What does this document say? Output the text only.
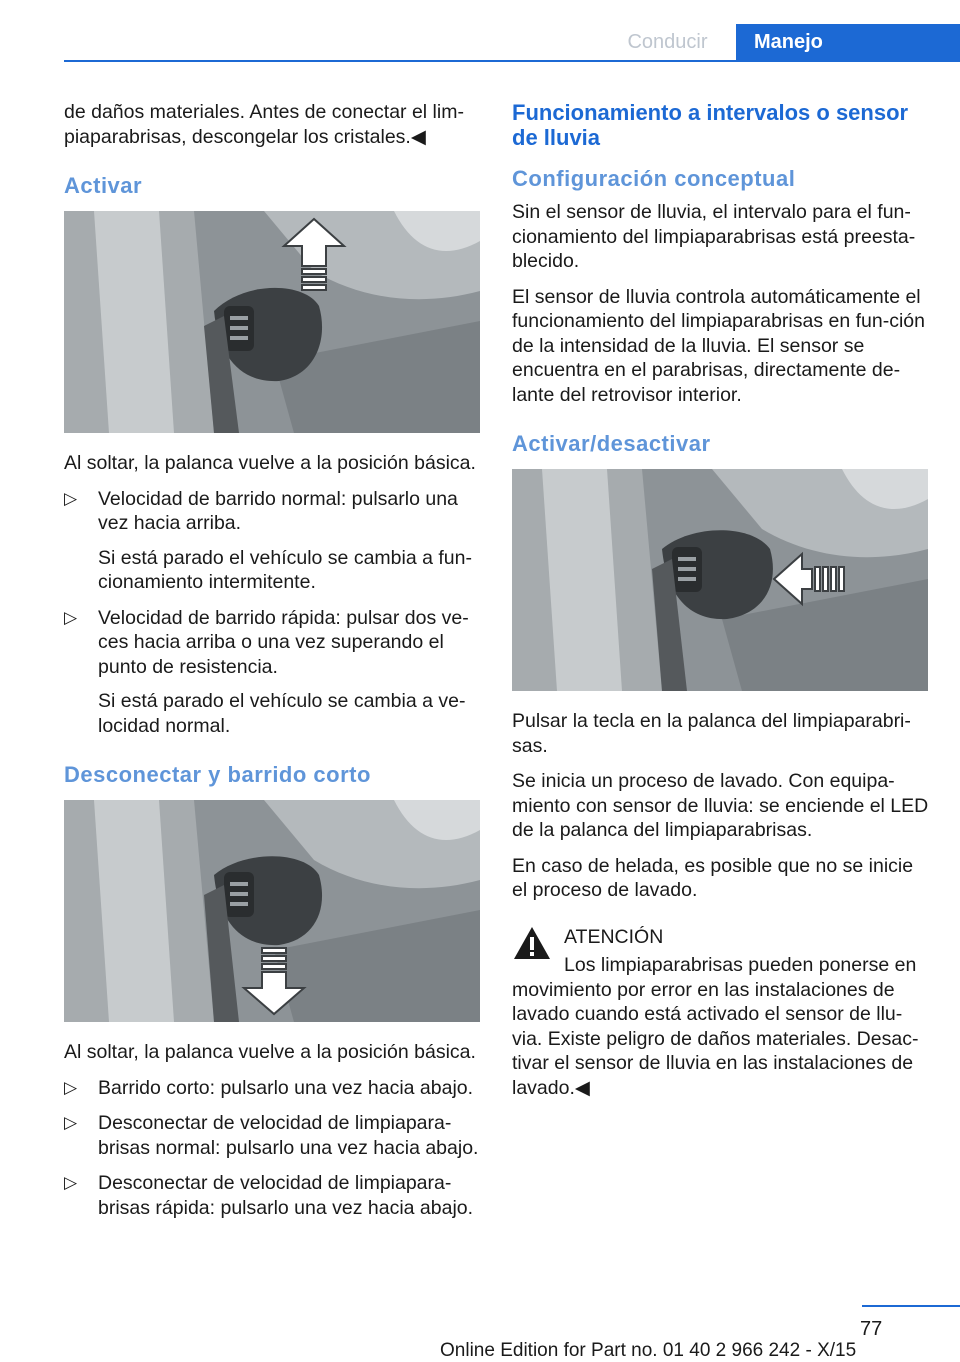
Conducir	Manejo

de daños materiales. Antes de conectar el lim‐piaparabrisas, descongelar los cristales.◀

Activar

Al soltar, la palanca vuelve a la posición básica.

▷ Velocidad de barrido normal: pulsarlo una vez hacia arriba.

Si está parado el vehículo se cambia a fun‐cionamiento intermitente.

▷ Velocidad de barrido rápida: pulsar dos ve‐ces hacia arriba o una vez superando el punto de resistencia.

Si está parado el vehículo se cambia a ve‐locidad normal.

Desconectar y barrido corto

Al soltar, la palanca vuelve a la posición básica.

▷ Barrido corto: pulsarlo una vez hacia abajo.

▷ Desconectar de velocidad de limpiapara‐brisas normal: pulsarlo una vez hacia abajo.

▷ Desconectar de velocidad de limpiapara‐brisas rápida: pulsarlo una vez hacia abajo.

Funcionamiento a intervalos o sensor de lluvia
Configuración conceptual

Sin el sensor de lluvia, el intervalo para el fun‐cionamiento del limpiaparabrisas está preesta‐blecido.

El sensor de lluvia controla automáticamente el funcionamiento del limpiaparabrisas en fun‐ción de la intensidad de la lluvia. El sensor se encuentra en el parabrisas, directamente de‐lante del retrovisor interior.

Activar/desactivar

Pulsar la tecla en la palanca del limpiaparabri‐sas.

Se inicia un proceso de lavado. Con equipa‐miento con sensor de lluvia: se enciende el LED de la palanca del limpiaparabrisas.

En caso de helada, es posible que no se inicie el proceso de lavado.

ATENCIÓN

Los limpiaparabrisas pueden ponerse en movimiento por error en las instalaciones de lavado cuando está activado el sensor de llu‐via. Existe peligro de daños materiales. Desac‐tivar el sensor de lluvia en las instalaciones de lavado.◀

77
Online Edition for Part no. 01 40 2 966 242 - X/15
